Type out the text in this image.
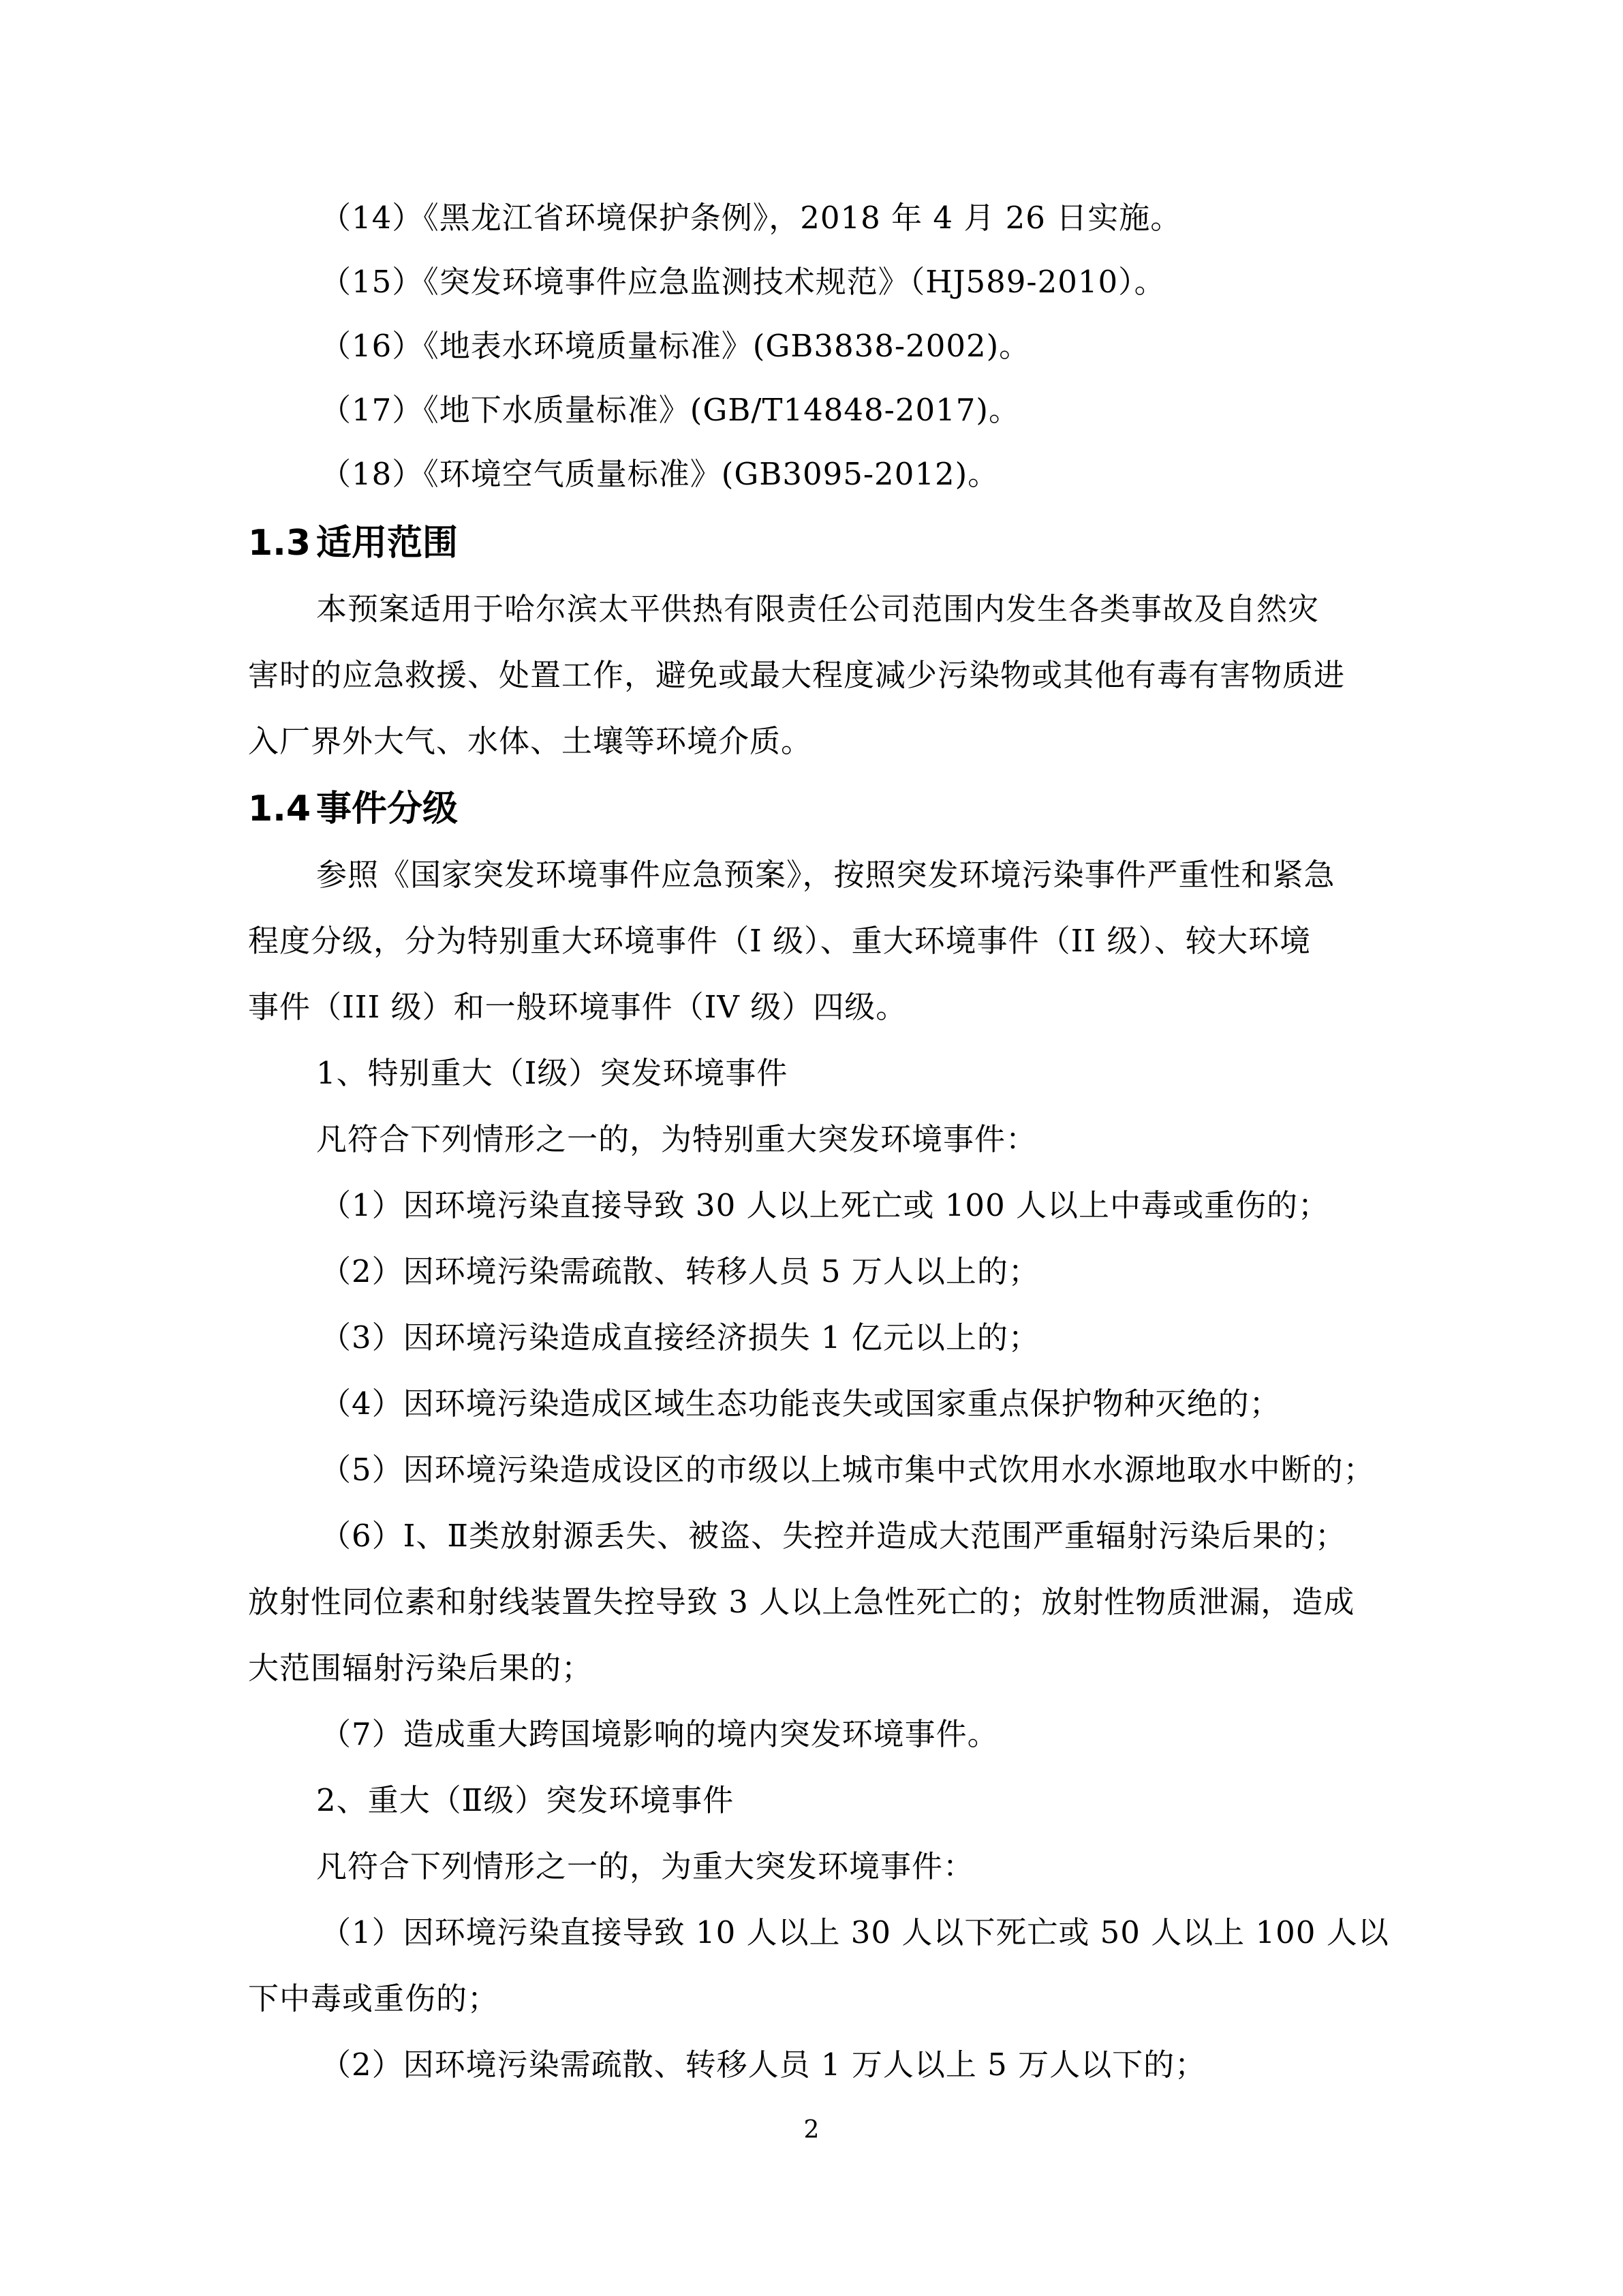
（14）《黑龙江省环境保护条例》，2018 年 4 月 26 日实施。
（15）《突发环境事件应急监测技术规范》（HJ589-2010）。
（16）《地表水环境质量标准》(GB3838-2002)。
（17）《地下水质量标准》(GB/T14848-2017)。
（18）《环境空气质量标准》(GB3095-2012)。
1.3 适用范围
本预案适用于哈尔滨太平供热有限责任公司范围内发生各类事故及自然灾
害时的应急救援、处置工作，避免或最大程度减少污染物或其他有毒有害物质进
入厂界外大气、水体、土壤等环境介质。
1.4 事件分级
参照《国家突发环境事件应急预案》，按照突发环境污染事件严重性和紧急
程度分级，分为特别重大环境事件（I 级）、重大环境事件（II 级）、较大环境
事件（III 级）和一般环境事件（IV 级）四级。
1、特别重大（Ⅰ级）突发环境事件
凡符合下列情形之一的，为特别重大突发环境事件：
（1）因环境污染直接导致 30 人以上死亡或 100 人以上中毒或重伤的；
（2）因环境污染需疏散、转移人员 5 万人以上的；
（3）因环境污染造成直接经济损失 1 亿元以上的；
（4）因环境污染造成区域生态功能丧失或国家重点保护物种灭绝的；
（5）因环境污染造成设区的市级以上城市集中式饮用水水源地取水中断的；
（6）Ⅰ、Ⅱ类放射源丢失、被盗、失控并造成大范围严重辐射污染后果的；
放射性同位素和射线装置失控导致 3 人以上急性死亡的；放射性物质泄漏，造成
大范围辐射污染后果的；
（7）造成重大跨国境影响的境内突发环境事件。
2、重大（Ⅱ级）突发环境事件
凡符合下列情形之一的，为重大突发环境事件：
（1）因环境污染直接导致 10 人以上 30 人以下死亡或 50 人以上 100 人以
下中毒或重伤的；
（2）因环境污染需疏散、转移人员 1 万人以上 5 万人以下的；
2
